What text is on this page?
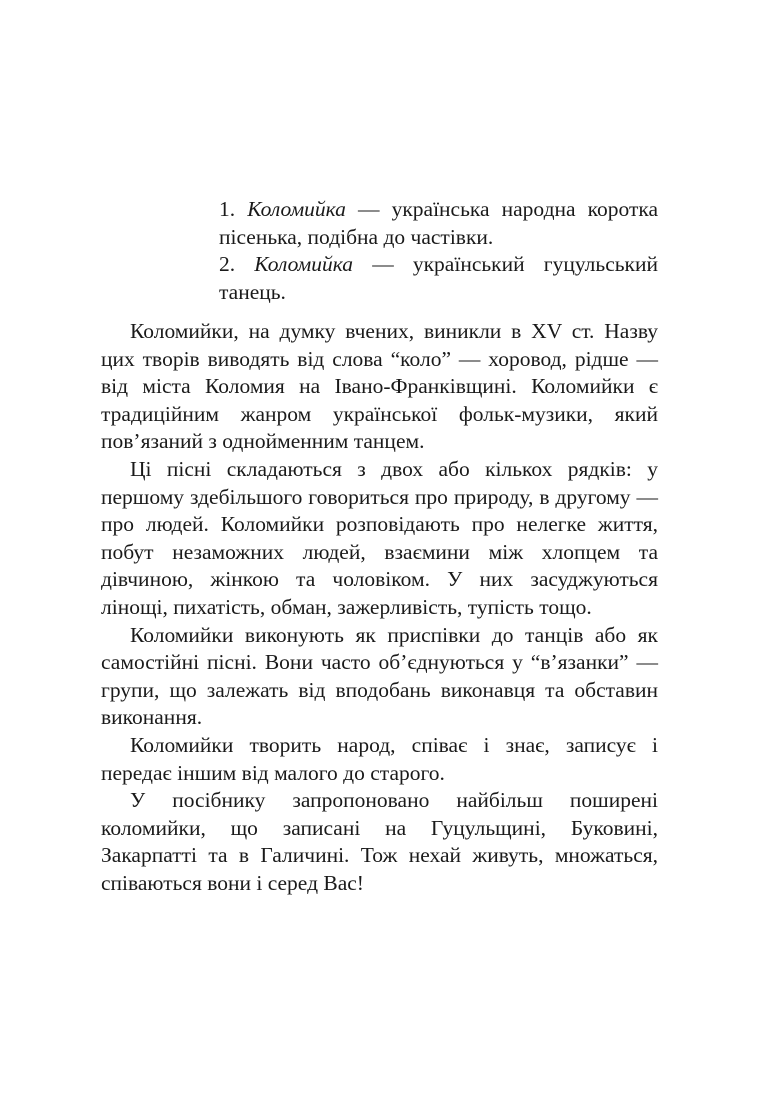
1. Коломийка — українська народна коротка пісенька, подібна до частівки.

2. Коломийка — український гуцульський танець.

Коломийки, на думку вчених, виникли в XV ст. Назву цих творів виводять від слова “коло” — хоровод, рідше — від міста Коломия на Івано-Франківщині. Коломийки є традиційним жанром української фольк-музики, який пов’язаний з однойменним танцем.

Ці пісні складаються з двох або кількох рядків: у першому здебільшого говориться про природу, в другому — про людей. Коломийки розповідають про нелегке життя, побут незаможних людей, взаємини між хлопцем та дівчиною, жінкою та чоловіком. У них засуджуються лінощі, пихатість, обман, зажерливість, тупість тощо.

Коломийки виконують як приспівки до танців або як самостійні пісні. Вони часто об’єднуються у “в’язанки” — групи, що залежать від вподобань виконавця та обставин виконання.

Коломийки творить народ, співає і знає, записує і передає іншим від малого до старого.

У посібнику запропоновано найбільш поширені коломийки, що записані на Гуцульщині, Буковині, Закарпатті та в Галичині. Тож нехай живуть, множаться, співаються вони і серед Вас!
